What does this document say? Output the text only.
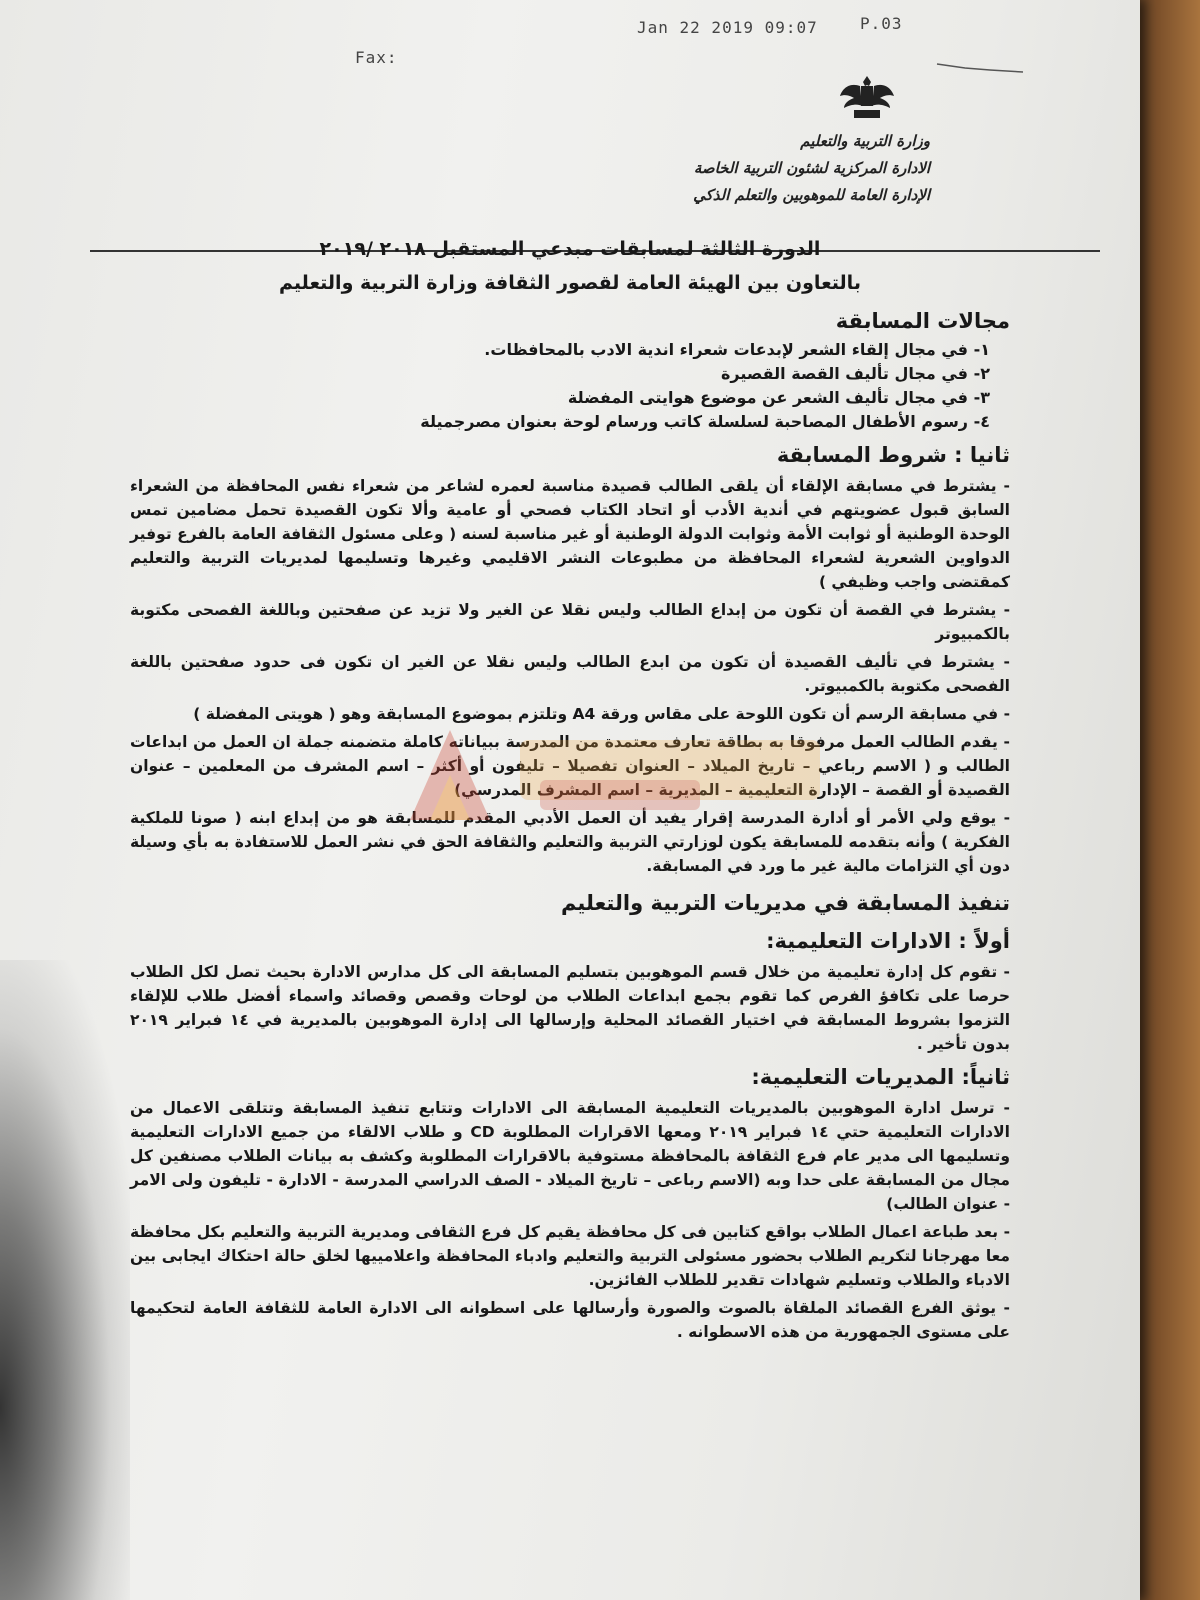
Fax:
Jan 22 2019 09:07	P.03
وزارة التربية والتعليم
الادارة المركزية لشئون التربية الخاصة
الإدارة العامة للموهوبين والتعلم الذكي
الدورة الثالثة لمسابقات مبدعي المستقبل ٢٠١٨ /٢٠١٩
بالتعاون بين الهيئة العامة لقصور الثقافة وزارة التربية والتعليم
مجالات المسابقة
١- في مجال إلقاء الشعر لإبدعات شعراء اندية الادب بالمحافظات.
٢- في مجال تأليف القصة القصيرة
٣- في مجال تأليف الشعر عن موضوع هوايتى المفضلة
٤- رسوم الأطفال المصاحبة لسلسلة كاتب ورسام لوحة بعنوان مصرجميلة
ثانيا : شروط المسابقة
- يشترط في مسابقة الإلقاء أن يلقى الطالب قصيدة مناسبة لعمره لشاعر من شعراء نفس المحافظة من الشعراء السابق قبول عضويتهم في أندية الأدب أو اتحاد الكتاب فصحي أو عامية وألا تكون القصيدة تحمل مضامين تمس الوحدة الوطنية أو ثوابت الأمة وثوابت الدولة الوطنية أو غير مناسبة لسنه ( وعلى مسئول الثقافة العامة بالفرع توفير الدواوين الشعرية لشعراء المحافظة من مطبوعات النشر الاقليمي وغيرها وتسليمها لمديريات التربية والتعليم كمقتضى واجب وظيفي )
- يشترط في القصة أن تكون من إبداع الطالب وليس نقلا عن الغير ولا تزيد عن صفحتين وباللغة الفصحى مكتوبة بالكمبيوتر
- يشترط في تأليف القصيدة أن تكون من ابدع الطالب وليس نقلا عن الغير ان تكون فى حدود صفحتين باللغة الفصحى مكتوبة بالكمبيوتر.
- في مسابقة الرسم أن تكون اللوحة على مقاس ورقة A4 وتلتزم بموضوع المسابقة وهو ( هويتى المفضلة )
- يقدم الطالب العمل مرفوقا به بطاقة تعارف معتمدة من المدرسة ببياناته كاملة متضمنه جملة ان العمل من ابداعات الطالب و ( الاسم رباعي – تاريخ الميلاد – العنوان تفصيلا – تليفون أو أكثر – اسم المشرف من المعلمين – عنوان القصيدة أو القصة – الإدارة التعليمية – المديرية – اسم المشرف المدرسي)
- يوقع ولي الأمر أو أدارة المدرسة إقرار يفيد أن العمل الأدبي المقدم للمسابقة هو من إبداع ابنه ( صونا للملكية الفكرية ) وأنه بتقدمه للمسابقة يكون لوزارتي التربية والتعليم والثقافة الحق في نشر العمل للاستفادة به بأي وسيلة دون أي التزامات مالية غير ما ورد في المسابقة.
تنفيذ المسابقة في مديريات التربية والتعليم
أولاً : الادارات التعليمية:
- تقوم كل إدارة تعليمية من خلال قسم الموهوبين بتسليم المسابقة الى كل مدارس الادارة بحيث تصل لكل الطلاب حرصا على تكافؤ الفرص كما تقوم بجمع ابداعات الطلاب من لوحات وقصص وقصائد واسماء أفضل طلاب للإلقاء التزموا بشروط المسابقة في اختيار القصائد المحلية وإرسالها الى إدارة الموهوبين بالمديرية في ١٤ فبراير ٢٠١٩ بدون تأخير .
ثانياً: المديريات التعليمية:
- ترسل ادارة الموهوبين بالمديريات التعليمية المسابقة الى الادارات وتتابع تنفيذ المسابقة وتتلقى الاعمال من الادارات التعليمية حتي ١٤ فبراير ٢٠١٩ ومعها الاقرارات المطلوبة CD و طلاب الالقاء من جميع الادارات التعليمية وتسليمها الى مدير عام فرع الثقافة بالمحافظة مستوفية بالاقرارات المطلوبة وكشف به بيانات الطلاب مصنفين كل مجال من المسابقة على حدا وبه (الاسم رباعى – تاريخ الميلاد - الصف الدراسي المدرسة - الادارة - تليفون ولى الامر - عنوان الطالب)
- بعد طباعة اعمال الطلاب بواقع كتابين فى كل محافظة يقيم كل فرع الثقافى ومديرية التربية والتعليم بكل محافظة معا مهرجانا لتكريم الطلاب بحضور مسئولى التربية والتعليم وادباء المحافظة واعلامييها لخلق حالة احتكاك ايجابى بين الادباء والطلاب وتسليم شهادات تقدير للطلاب الفائزين.
- يوثق الفرع القصائد الملقاة بالصوت والصورة وأرسالها على اسطوانه الى الادارة العامة للثقافة العامة لتحكيمها على مستوى الجمهورية من هذه الاسطوانه .
